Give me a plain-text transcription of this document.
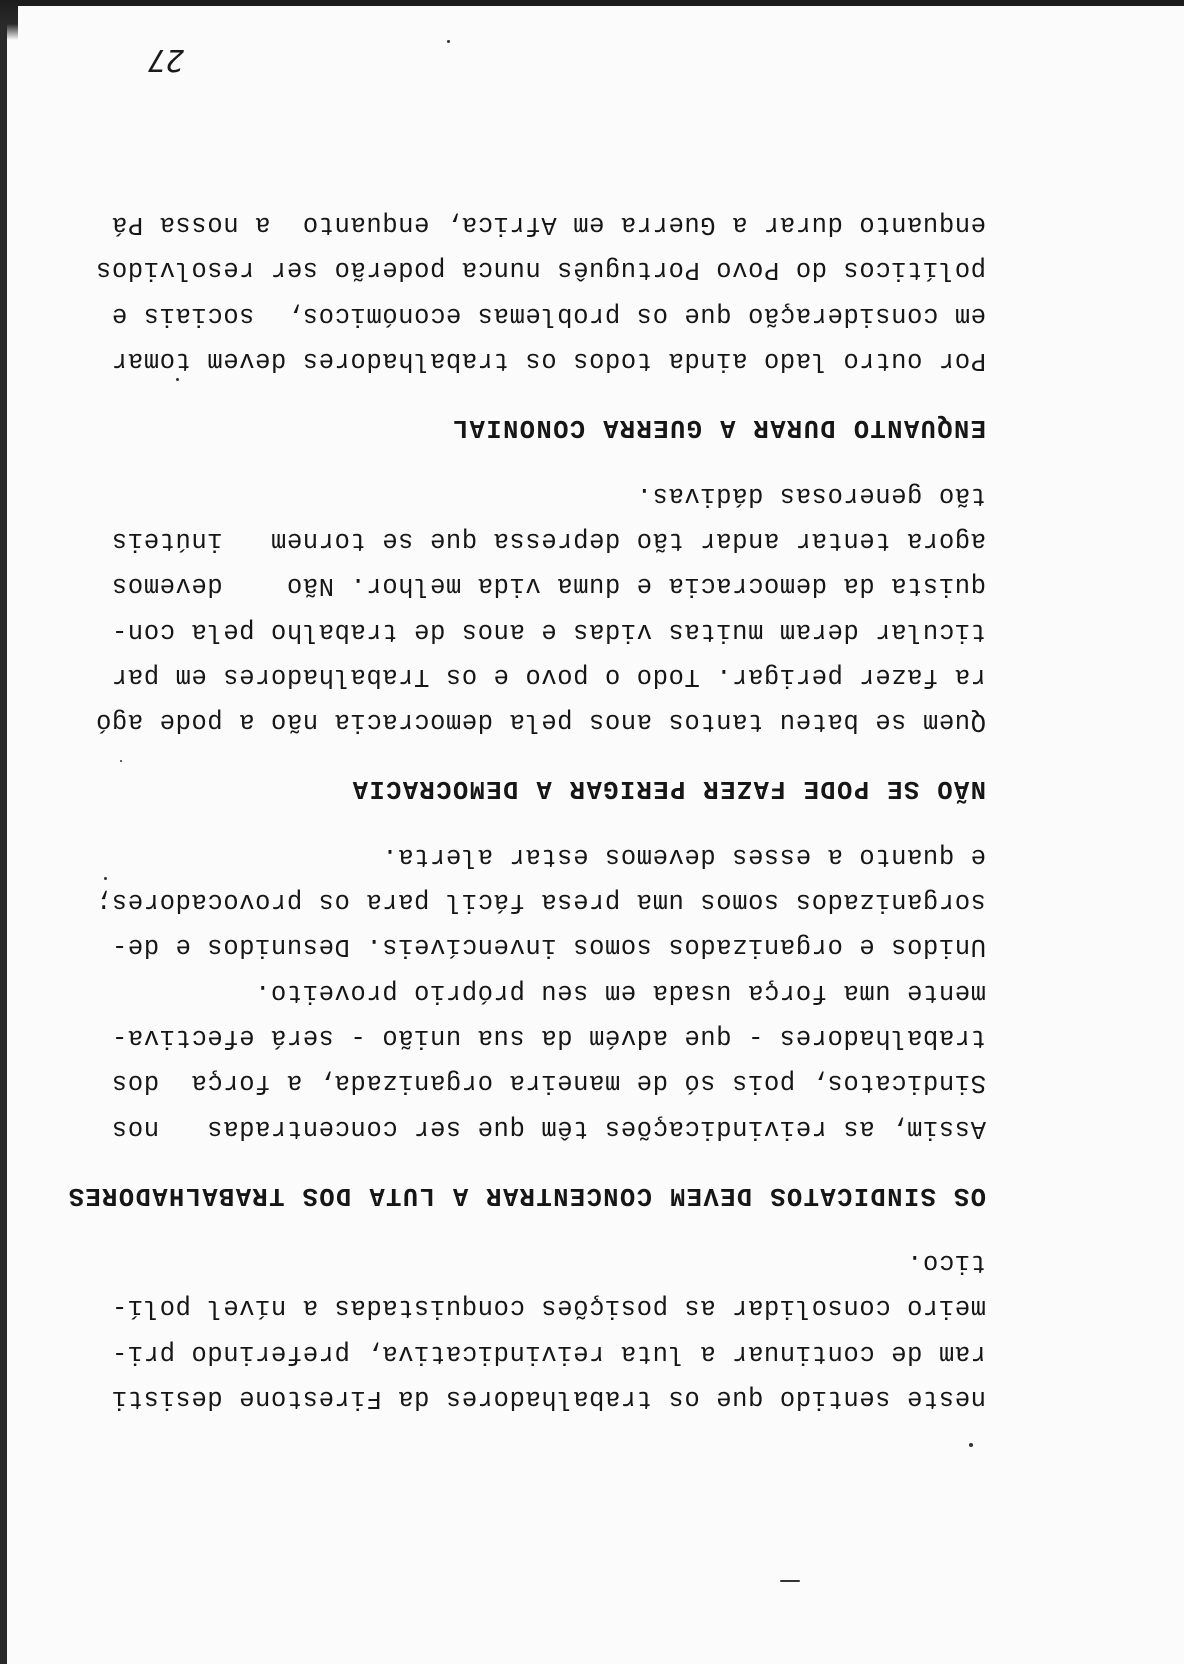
27
neste sentido que os trabalhadores da Firestone desisti
ram de continuar a luta reivindicativa, preferindo pri-
meiro consolidar as posições conquistadas a nível polí-
tico.
OS SINDICATOS DEVEM CONCENTRAR A LUTA DOS TRABALHADORES
Assim, as reivindicações têm que ser concentradas   nos
Sindicatos, pois só de maneira organizada, a força  dos
trabalhadores - que advém da sua união - será efectiva-
mente uma força usada em seu próprio proveito.
Unidos e organizados somos invencíveis. Desunidos e de-
sorganizados somos uma presa fácil para os provocadores;
e quanto a esses devemos estar alerta.
NÃO SE PODE FAZER PERIGAR A DEMOCRACIA
Quem se bateu tantos anos pela democracia não a pode agó
ra fazer perigar. Todo o povo e os Trabalhadores em par
ticular deram muitas vidas e anos de trabalho pela con-
quista da democracia e duma vida melhor. Não    devemos
agora tentar andar tão depressa que se tornem   inúteis
tão generosas dádivas.
ENQUANTO DURAR A GUERRA CONONIAL
Por outro lado ainda todos os trabalhadores devem tomar
em consideração que os problemas económicos,  sociais e
políticos do Povo Português nunca poderão ser resolvidos
enquanto durar a Guerra em Africa, enquanto  a nossa Pá
